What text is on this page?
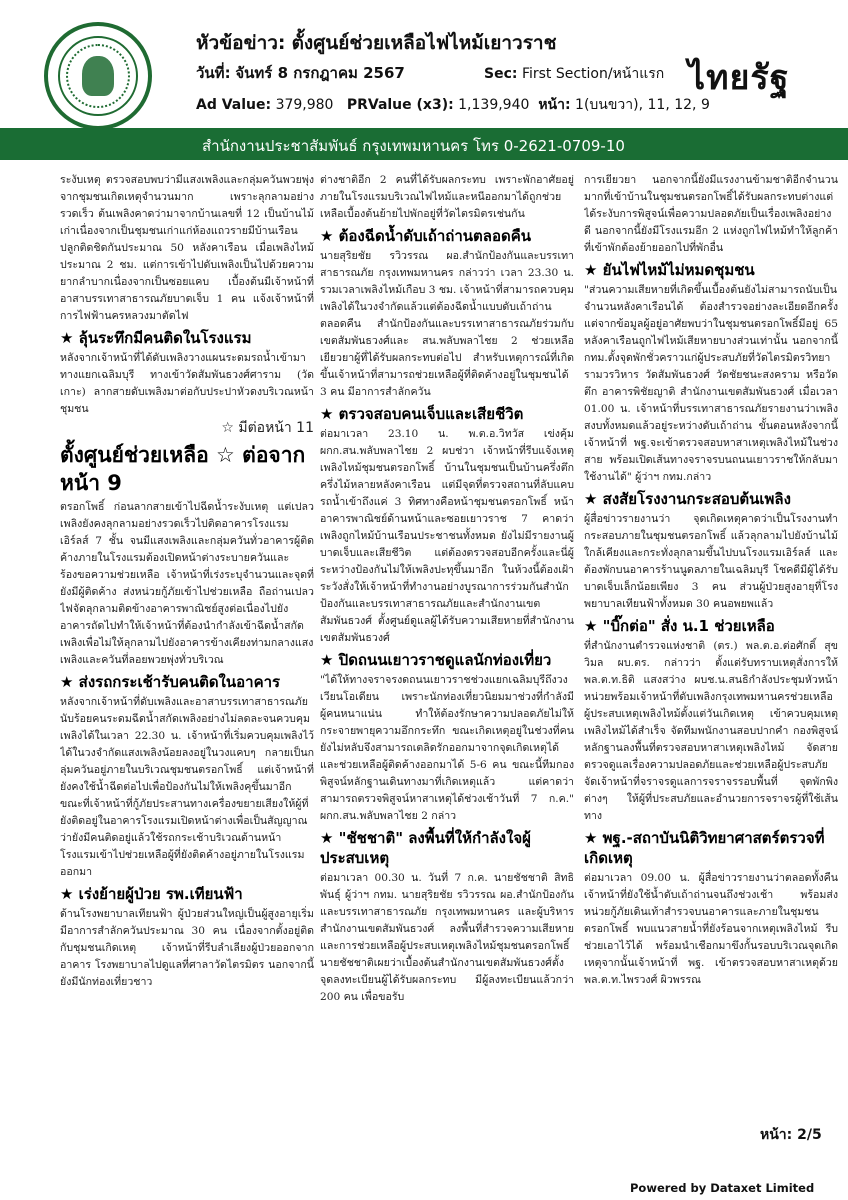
หัวข้อข่าว: ตั้งศูนย์ช่วยเหลือไฟไหม้เยาวราช
วันที่: จันทร์ 8 กรกฎาคม 2567	Sec: First Section/หน้าแรก
Ad Value: 379,980 PRValue (x3): 1,139,940 หน้า: 1(บนขวา), 11, 12, 9
ไทยรัฐ
สำนักงานประชาสัมพันธ์ กรุงเทพมหานคร โทร 0-2621-0709-10

ระงับเหตุ ตรวจสอบพบว่ามีแสงเพลิงและกลุ่มควันพวยพุ่งจากชุมชนเกิดเหตุจำนวนมาก เพราะลุกลามอย่างรวดเร็ว ต้นเพลิงคาดว่ามาจากบ้านเลขที่ 12 เป็นบ้านไม้เก่าเนื่องจากเป็นชุมชนเก่าแก่ห้องแถวรายมีบ้านเรือนปลูกติดชิดกันประมาณ 50 หลังคาเรือน เมื่อเพลิงไหม้ประมาณ 2 ชม. แต่การเข้าไปดับเพลิงเป็นไปด้วยความยากลำบากเนื่องจากเป็นซอยแคบ เบื้องต้นมีเจ้าหน้าที่อาสาบรรเทาสาธารณภัยบาดเจ็บ 1 คน แจ้งเจ้าหน้าที่การไฟฟ้านครหลวงมาตัดไฟ

★ ลุ้นระทึกมีคนติดในโรงแรม

หลังจากเจ้าหน้าที่ได้ดับเพลิงวางแผนระดมรถน้ำเข้ามาทางแยกเฉลิมบุรี ทางเข้าวัดสัมพันธวงศ์ศาราม (วัดเกาะ) ลากสายดับเพลิงมาต่อกับประปาหัวดงบริเวณหน้าชุมชน

☆ มีต่อหน้า 11
ตั้งศูนย์ช่วยเหลือ ☆ ต่อจากหน้า 9

ตรอกโพธิ์ ก่อนลากสายเข้าไปฉีดน้ำระงับเหตุ แต่เปลวเพลิงยังคงลุกลามอย่างรวดเร็วไปติดอาคารโรงแรมเอิร์ลส์ 7 ชั้น จนมีแสงเพลิงและกลุ่มควันทั่วอาคารผู้ติดค้างภายในโรงแรมต้องเปิดหน้าต่างระบายควันและร้องขอความช่วยเหลือ เจ้าหน้าที่เร่งระบุจำนวนและจุดที่ยังมีผู้ติดค้าง ส่งหน่วยกู้ภัยเข้าไปช่วยเหลือ ถือถ่านเปลวไฟจัดลุกลามติดข้างอาคารพาณิชย์สูงต่อเนื่องไปยังอาคารถัดไปทำให้เจ้าหน้าที่ต้องนำกำลังเข้าฉีดน้ำสกัดเพลิงเพื่อไม่ให้ลุกลามไปยังอาคารข้างเคียงท่ามกลางแสงเพลิงและควันที่ลอยพวยพุ่งทั่วบริเวณ

★ ส่งรถกระเช้ารับคนติดในอาคาร

หลังจากเจ้าหน้าที่ดับเพลิงและอาสาบรรเทาสาธารณภัยนับร้อยคนระดมฉีดน้ำสกัดเพลิงอย่างไม่ลดละจนควบคุมเพลิงได้ในเวลา 22.30 น. เจ้าหน้าที่เริ่มควบคุมเพลิงไว้ได้ในวงจำกัดแสงเพลิงน้อยลงอยู่ในวงแคบๆ กลายเป็นกลุ่มควันอยู่ภายในบริเวณชุมชนตรอกโพธิ์ แต่เจ้าหน้าที่ยังคงใช้น้ำฉีดต่อไปเพื่อป้องกันไม่ให้เพลิงคุขึ้นมาอีก ขณะที่เจ้าหน้าที่กู้ภัยประสานทางเครื่องขยายเสียงให้ผู้ที่ยังติดอยู่ในอาคารโรงแรมเปิดหน้าต่างเพื่อเป็นสัญญาณว่ายังมีคนติดอยู่แล้วใช้รถกระเช้าบริเวณด้านหน้าโรงแรมเข้าไปช่วยเหลือผู้ที่ยังติดค้างอยู่ภายในโรงแรมออกมา

★ เร่งย้ายผู้ป่วย รพ.เทียนฟ้า

ด้านโรงพยาบาลเทียนฟ้า ผู้ป่วยส่วนใหญ่เป็นผู้สูงอายุเริ่มมีอาการสำลักควันประมาณ 30 คน เนื่องจากตั้งอยู่ติดกับชุมชนเกิดเหตุ เจ้าหน้าที่รีบลำเลียงผู้ป่วยออกจากอาคาร โรงพยาบาลไปดูแลที่ศาลาวัดไตรมิตร นอกจากนี้ยังมีนักท่องเที่ยวชาว

ต่างชาติอีก 2 คนที่ได้รับผลกระทบ เพราะพักอาศัยอยู่ภายในโรงแรมบริเวณไฟไหม้และหนีออกมาได้ถูกช่วยเหลือเบื้องต้นย้ายไปพักอยู่ที่วัดไตรมิตรเช่นกัน

★ ต้องฉีดน้ำดับเถ้าถ่านตลอดคืน

นายสุริยชัย รวิวรรณ ผอ.สำนักป้องกันและบรรเทาสาธารณภัย กรุงเทพมหานคร กล่าวว่า เวลา 23.30 น. รวมเวลาเพลิงไหม้เกือบ 3 ชม. เจ้าหน้าที่สามารถควบคุมเพลิงได้ในวงจำกัดแล้วแต่ต้องฉีดน้ำแบบดับเถ้าถ่านตลอดคืน สำนักป้องกันและบรรเทาสาธารณภัยร่วมกับเขตสัมพันธวงศ์และ สน.พลับพลาไชย 2 ช่วยเหลือเยียวยาผู้ที่ได้รับผลกระทบต่อไป สำหรับเหตุการณ์ที่เกิดขึ้นเจ้าหน้าที่สามารถช่วยเหลือผู้ที่ติดค้างอยู่ในชุมชนได้ 3 คน มีอาการสำลักควัน

★ ตรวจสอบคนเจ็บและเสียชีวิต

ต่อมาเวลา 23.10 น. พ.ต.อ.วิทวัส เข่งคุ้ม ผกก.สน.พลับพลาไชย 2 ผบช่วา เจ้าหน้าที่รีบแจ้งเหตุเพลิงไหม้ชุมชนตรอกโพธิ์ บ้านในชุมชนเป็นบ้านครึ่งตึกครึ่งไม้หลายหลังคาเรือน แต่มีจุดที่ตรวจสถานที่ลับแคบ รถน้ำเข้าถึงแค่ 3 ทิศทางคือหน้าชุมชนตรอกโพธิ์ หน้าอาคารพาณิชย์ด้านหน้าและซอยเยาวราช 7 คาดว่าเพลิงถูกไหม้บ้านเรือนประชาชนทั้งหมด ยังไม่มีรายงานผู้บาดเจ็บและเสียชีวิต แต่ต้องตรวจสอบอีกครั้งและนี่ผู้ระหว่างป้องกันไม่ให้เพลิงปะทุขึ้นมาอีก ในห้วงนี้ต้องเฝ้าระวังสั่งให้เจ้าหน้าที่ทำงานอย่างบูรณาการร่วมกันสำนักป้องกันและบรรเทาสาธารณภัยและสำนักงานเขตสัมพันธวงศ์ ตั้งศูนย์ดูแลผู้ได้รับความเสียหายที่สำนักงานเขตสัมพันธวงศ์

★ ปิดถนนเยาวราชดูแลนักท่องเที่ยว

"ได้ให้ทางจราจรงดถนนเยาวราชช่วงแยกเฉลิมบุรีถึงวงเวียนโอเดียน เพราะนักท่องเที่ยวนิยมมาช่วงที่กำลังมีผู้คนหนาแน่น ทำให้ต้องรักษาความปลอดภัยไม่ให้กระจายพายุความอึกกระทึก ขณะเกิดเหตุอยู่ในช่วงที่คนยังไม่หลับจึงสามารถเตลิดรักออกมาจากจุดเกิดเหตุได้ และช่วยเหลือผู้ติดค้างออกมาได้ 5-6 คน ขณะนี้ทีมกองพิสูจน์หลักฐานเดินทางมาที่เกิดเหตุแล้ว แต่คาดว่าสามารถตรวจพิสูจน์หาสาเหตุได้ช่วงเช้าวันที่ 7 ก.ค." ผกก.สน.พลับพลาไชย 2 กล่าว

★ "ชัชชาติ" ลงพื้นที่ให้กำลังใจผู้ประสบเหตุ

ต่อมาเวลา 00.30 น. วันที่ 7 ก.ค. นายชัชชาติ สิทธิพันธุ์ ผู้ว่าฯ กทม. นายสุริยชัย รวิวรรณ ผอ.สำนักป้องกันและบรรเทาสาธารณภัย กรุงเทพมหานคร และผู้บริหารสำนักงานเขตสัมพันธวงศ์ ลงพื้นที่สำรวจความเสียหายและการช่วยเหลือผู้ประสบเหตุเพลิงไหม้ชุมชนตรอกโพธิ์ นายชัชชาติเผยว่าเบื้องต้นสำนักงานเขตสัมพันธวงศ์ตั้งจุดลงทะเบียนผู้ได้รับผลกระทบ มีผู้ลงทะเบียนแล้วกว่า 200 คน เพื่อขอรับ

การเยียวยา นอกจากนี้ยังมีแรงงานข้ามชาติอีกจำนวนมากที่เข้าบ้านในชุมชนตรอกโพธิ์ได้รับผลกระทบต่างแต่ได้ระงับการพิสูจน์เพื่อความปลอดภัยเป็นเรื่องเพลิงอย่างดี นอกจากนี้ยังมีโรงแรมอีก 2 แห่งถูกไฟไหม้ทำให้ลูกค้าที่เข้าพักต้องย้ายออกไปที่พักอื่น

★ ยันไฟไหม้ไม่หมดชุมชน

"ส่วนความเสียหายที่เกิดขึ้นเบื้องต้นยังไม่สามารถนับเป็นจำนวนหลังคาเรือนได้ ต้องสำรวจอย่างละเอียดอีกครั้งแต่จากข้อมูลผู้อยู่อาศัยพบว่าในชุมชนตรอกโพธิ์มีอยู่ 65 หลังคาเรือนถูกไฟไหม้เสียหายบางส่วนเท่านั้น นอกจากนี้ กทม.ตั้งจุดพักชั่วคราวแก่ผู้ประสบภัยที่วัดไตรมิตรวิทยารามวรวิหาร วัดสัมพันธวงศ์ วัดชัยชนะสงคราม หรือวัดตึก อาคารพิชัยญาติ สำนักงานเขตสัมพันธวงศ์ เมื่อเวลา 01.00 น. เจ้าหน้าที่บรรเทาสาธารณภัยรายงานว่าเพลิงสงบทั้งหมดแล้วอยู่ระหว่างดับเถ้าถ่าน ขั้นตอนหลังจากนี้เจ้าหน้าที่ พฐ.จะเข้าตรวจสอบหาสาเหตุเพลิงไหม้ในช่วงสาย พร้อมเปิดเส้นทางจราจรบนถนนเยาวราชให้กลับมาใช้งานได้" ผู้ว่าฯ กทม.กล่าว

★ สงสัยโรงงานกระสอบต้นเพลิง

ผู้สื่อข่าวรายงานว่า จุดเกิดเหตุคาดว่าเป็นโรงงานทำกระสอบภายในชุมชนตรอกโพธิ์ แล้วลุกลามไปยังบ้านไม้ใกล้เคียงและกระทั่งลุกลามขึ้นไปบนโรงแรมเอิร์ลส์ และต้องพักบนอาคารร้านนูดลภายในเฉลิมบุรี โชคดีมีผู้ได้รับบาดเจ็บเล็กน้อยเพียง 3 คน ส่วนผู้ป่วยสูงอายุที่โรงพยาบาลเทียนฟ้าทั้งหมด 30 คนอพยพแล้ว

★ "บิ๊กต่อ" สั่ง น.1 ช่วยเหลือ

ที่สำนักงานตำรวจแห่งชาติ (ตร.) พล.ต.อ.ต่อศักดิ์ สุขวิมล ผบ.ตร. กล่าวว่า ตั้งแต่รับทราบเหตุสั่งการให้ พล.ต.ท.ธิติ แสงสว่าง ผบช.น.สนธิกำลังประชุมหัวหน้าหน่วยพร้อมเจ้าหน้าที่ดับเพลิงกรุงเทพมหานครช่วยเหลือผู้ประสบเหตุเพลิงไหม้ตั้งแต่วันเกิดเหตุ เข้าควบคุมเหตุเพลิงไหม้ได้สำเร็จ จัดทีมพนักงานสอบปากคำ กองพิสูจน์หลักฐานลงพื้นที่ตรวจสอบหาสาเหตุเพลิงไหม้ จัดสายตรวจดูแลเรื่องความปลอดภัยและช่วยเหลือผู้ประสบภัย จัดเจ้าหน้าที่จราจรดูแลการจราจรรอบพื้นที่ จุดพักพิงต่างๆ ให้ผู้ที่ประสบภัยและอำนวยการจราจรผู้ที่ใช้เส้นทาง

★ พฐ.-สถาบันนิติวิทยาศาสตร์ตรวจที่เกิดเหตุ

ต่อมาเวลา 09.00 น. ผู้สื่อข่าวรายงานว่าตลอดทั้งคืนเจ้าหน้าที่ยังใช้น้ำดับเถ้าถ่านจนถึงช่วงเช้า พร้อมส่งหน่วยกู้ภัยเดินเท้าสำรวจบนอาคารและภายในชุมชนตรอกโพธิ์ พบแนวสายน้ำที่ยังร้อนจากเหตุเพลิงไหม้ รีบช่วยเอาไว้ได้ พร้อมนำเชือกมาขึงกั้นรอบบริเวณจุดเกิดเหตุจากนั้นเจ้าหน้าที่ พฐ. เข้าตรวจสอบหาสาเหตุด้วยพล.ต.ท.ไพรวงศ์ ผิวพรรณ

หน้า: 2/5
Powered by Dataxet Limited
